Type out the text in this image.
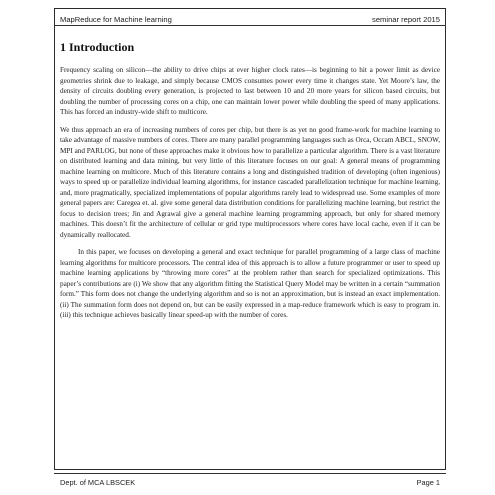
MapReduce for Machine learning	seminar report 2015
1 Introduction

Frequency scaling on silicon—the ability to drive chips at ever higher clock rates—is beginning to hit a power limit as device geometries shrink due to leakage, and simply because CMOS consumes power every time it changes state. Yet Moore’s law, the density of circuits doubling every generation, is projected to last between 10 and 20 more years for silicon based circuits, but doubling the number of processing cores on a chip, one can maintain lower power while doubling the speed of many applications. This has forced an industry-wide shift to multicore.

We thus approach an era of increasing numbers of cores per chip, but there is as yet no good frame-work for machine learning to take advantage of massive numbers of cores. There are many parallel programming languages such as Orca, Occam ABCL, SNOW, MPI and PARLOG, but none of these approaches make it obvious how to parallelize a particular algorithm. There is a vast literature on distributed learning and data mining, but very little of this literature focuses on our goal: A general means of programming machine learning on multicore. Much of this literature contains a long and distinguished tradition of developing (often ingenious) ways to speed up or parallelize individual learning algorithms, for instance cascaded parallelization technique for machine learning, and, more pragmatically, specialized implementations of popular algorithms rarely lead to widespread use. Some examples of more general papers are: Caregea et. al. give some general data distribution conditions for parallelizing machine learning, but restrict the focus to decision trees; Jin and Agrawal give a general machine learning programming approach, but only for shared memory machines. This doesn’t fit the architecture of cellular or grid type multiprocessors where cores have local cache, even if it can be dynamically reallocated.

In this paper, we focuses on developing a general and exact technique for parallel programming of a large class of machine learning algorithms for multicore processors. The central idea of this approach is to allow a future programmer or user to speed up machine learning applications by “throwing more cores” at the problem rather than search for specialized optimizations. This paper’s contributions are (i) We show that any algorithm fitting the Statistical Query Model may be written in a certain “summation form.” This form does not change the underlying algorithm and so is not an approximation, but is instead an exact implementation. (ii) The summation form does not depend on, but can be easily expressed in a map-reduce framework which is easy to program in. (iii) this technique achieves basically linear speed-up with the number of cores.

Dept. of MCA LBSCEK	Page 1
